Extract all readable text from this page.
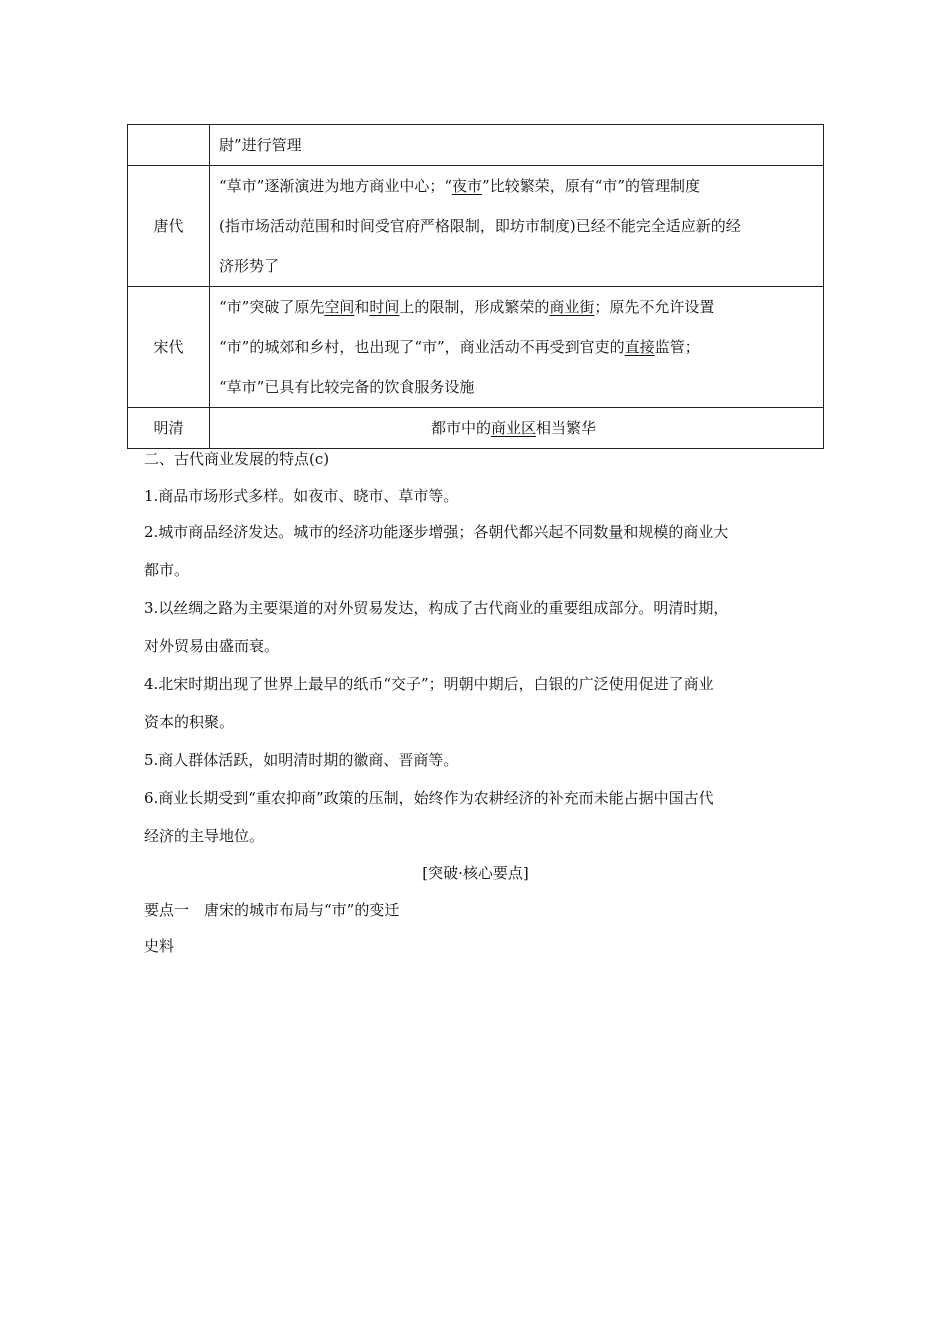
	尉”进行管理
唐代	“草市”逐渐演进为地方商业中心；“夜市”比较繁荣，原有“市”的管理制度
(指市场活动范围和时间受官府严格限制，即坊市制度)已经不能完全适应新的经
济形势了

宋代	“市”突破了原先空间和时间上的限制，形成繁荣的商业街；原先不允许设置
“市”的城郊和乡村，也出现了“市”，商业活动不再受到官吏的直接监管；
“草市”已具有比较完备的饮食服务设施

明清	都市中的商业区相当繁华
二、古代商业发展的特点(c)
1.商品市场形式多样。如夜市、晓市、草市等。
2.城市商品经济发达。城市的经济功能逐步增强；各朝代都兴起不同数量和规模的商业大
都市。
3.以丝绸之路为主要渠道的对外贸易发达，构成了古代商业的重要组成部分。明清时期，
对外贸易由盛而衰。
4.北宋时期出现了世界上最早的纸币“交子”；明朝中期后，白银的广泛使用促进了商业
资本的积聚。
5.商人群体活跃，如明清时期的徽商、晋商等。
6.商业长期受到“重农抑商”政策的压制，始终作为农耕经济的补充而未能占据中国古代
经济的主导地位。
[突破·核心要点]
要点一　唐宋的城市布局与“市”的变迁
史料
